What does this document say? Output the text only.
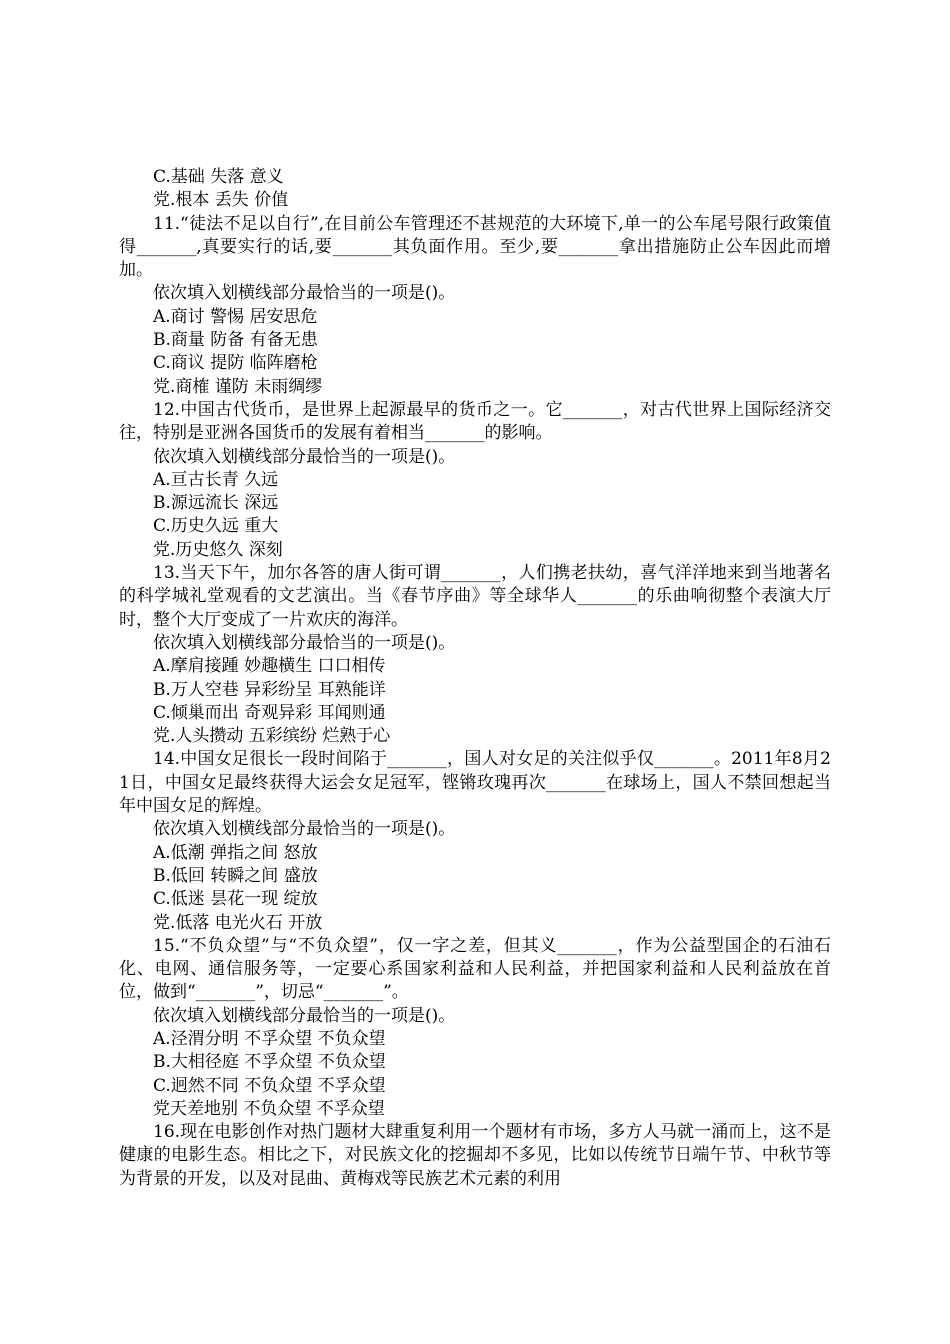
C.基础 失落 意义
党.根本 丢失 价值
11.“徒法不足以自行”,在目前公车管理还不甚规范的大环境下,单一的公车尾号限行政策值得_______,真要实行的话,要_______其负面作用。至少,要_______拿出措施防止公车因此而增加。
依次填入划横线部分最恰当的一项是()。
A.商讨 警惕 居安思危
B.商量 防备 有备无患
C.商议 提防 临阵磨枪
党.商榷 谨防 未雨绸缪
12.中国古代货币，是世界上起源最早的货币之一。它_______，对古代世界上国际经济交往，特别是亚洲各国货币的发展有着相当_______的影响。
依次填入划横线部分最恰当的一项是()。
A.亘古长青 久远
B.源远流长 深远
C.历史久远 重大
党.历史悠久 深刻
13.当天下午，加尔各答的唐人街可谓_______，人们携老扶幼，喜气洋洋地来到当地著名的科学城礼堂观看的文艺演出。当《春节序曲》等全球华人_______的乐曲响彻整个表演大厅时，整个大厅变成了一片欢庆的海洋。
依次填入划横线部分最恰当的一项是()。
A.摩肩接踵 妙趣横生 口口相传
B.万人空巷 异彩纷呈 耳熟能详
C.倾巢而出 奇观异彩 耳闻则通
党.人头攒动 五彩缤纷 烂熟于心
14.中国女足很长一段时间陷于_______，国人对女足的关注似乎仅_______。2011年8月21日，中国女足最终获得大运会女足冠军，铿锵玫瑰再次_______在球场上，国人不禁回想起当年中国女足的辉煌。
依次填入划横线部分最恰当的一项是()。
A.低潮 弹指之间 怒放
B.低回 转瞬之间 盛放
C.低迷 昙花一现 绽放
党.低落 电光火石 开放
15.“不负众望”与“不负众望”，仅一字之差，但其义_______，作为公益型国企的石油石化、电网、通信服务等，一定要心系国家利益和人民利益，并把国家利益和人民利益放在首位，做到“_______”，切忌“_______”。
依次填入划横线部分最恰当的一项是()。
A.泾渭分明 不孚众望 不负众望
B.大相径庭 不孚众望 不负众望
C.迥然不同 不负众望 不孚众望
党天差地别 不负众望 不孚众望
16.现在电影创作对热门题材大肆重复利用一个题材有市场，多方人马就一涌而上，这不是健康的电影生态。相比之下，对民族文化的挖掘却不多见，比如以传统节日端午节、中秋节等为背景的开发，以及对昆曲、黄梅戏等民族艺术元素的利用
